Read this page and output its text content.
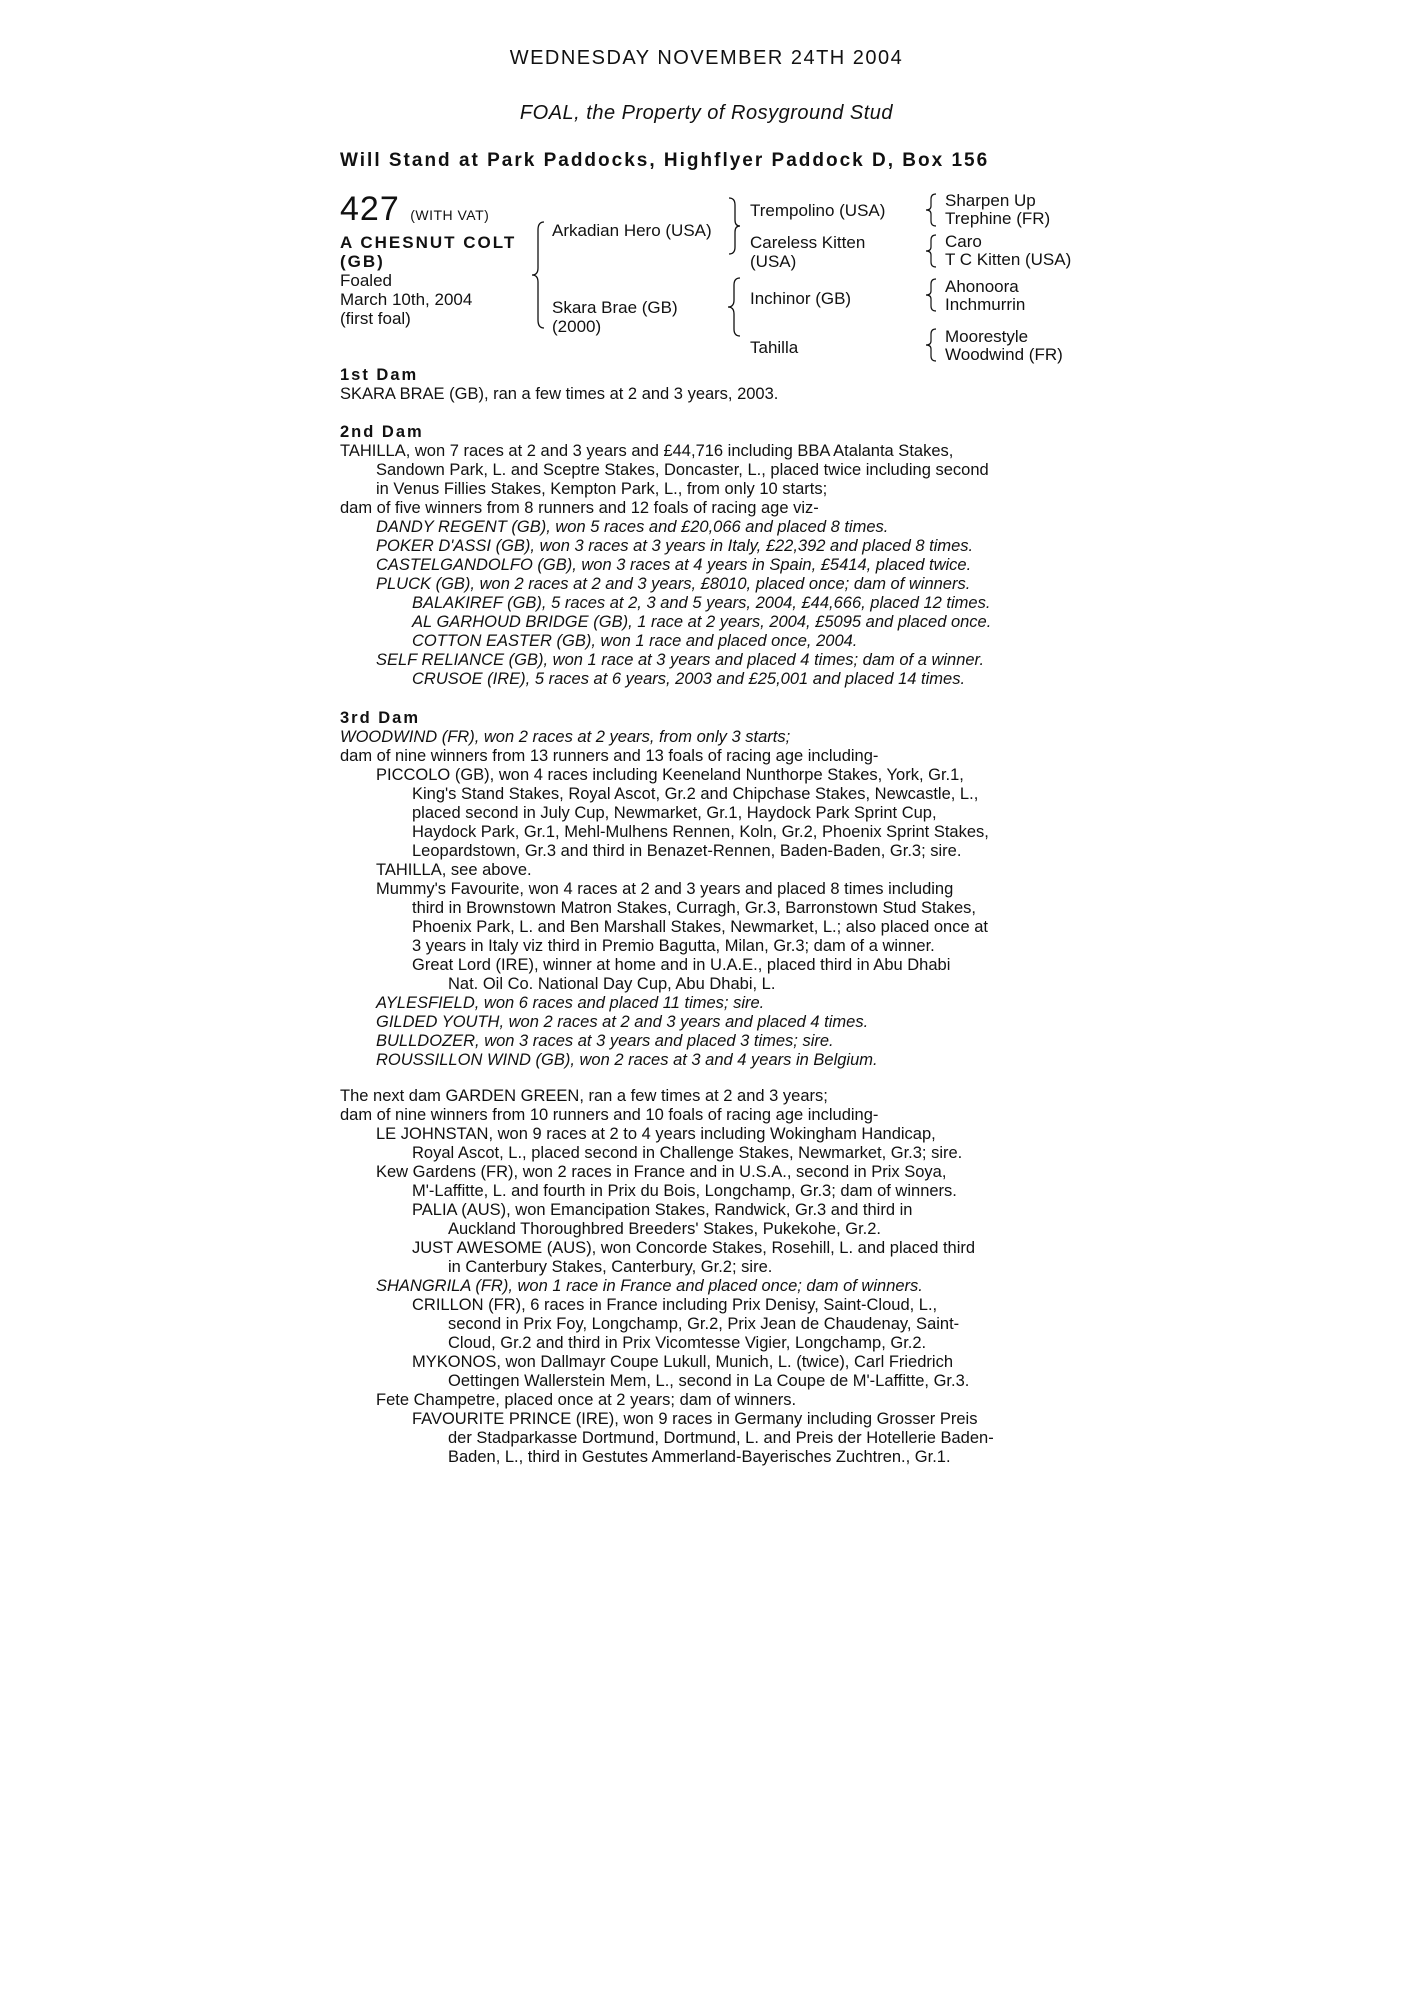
WEDNESDAY NOVEMBER 24TH 2004
FOAL, the Property of Rosyground Stud
Will Stand at Park Paddocks, Highflyer Paddock D, Box 156
427 (WITH VAT)
A CHESNUT COLT
(GB)
Foaled
March 10th, 2004
(first foal)
Arkadian Hero (USA)
Skara Brae (GB)
(2000)
Trempolino (USA)
Careless Kitten
(USA)
Inchinor (GB)
Tahilla
Sharpen Up
Trephine (FR)
Caro
T C Kitten (USA)
Ahonoora
Inchmurrin
Moorestyle
Woodwind (FR)
1st Dam
SKARA BRAE (GB), ran a few times at 2 and 3 years, 2003.
2nd Dam
TAHILLA, won 7 races at 2 and 3 years and £44,716 including BBA Atalanta Stakes,
Sandown Park, L. and Sceptre Stakes, Doncaster, L., placed twice including second
in Venus Fillies Stakes, Kempton Park, L., from only 10 starts;
dam of five winners from 8 runners and 12 foals of racing age viz-
DANDY REGENT (GB), won 5 races and £20,066 and placed 8 times.
POKER D'ASSI (GB), won 3 races at 3 years in Italy, £22,392 and placed 8 times.
CASTELGANDOLFO (GB), won 3 races at 4 years in Spain, £5414, placed twice.
PLUCK (GB), won 2 races at 2 and 3 years, £8010, placed once; dam of winners.
BALAKIREF (GB), 5 races at 2, 3 and 5 years, 2004, £44,666, placed 12 times.
AL GARHOUD BRIDGE (GB), 1 race at 2 years, 2004, £5095 and placed once.
COTTON EASTER (GB), won 1 race and placed once, 2004.
SELF RELIANCE (GB), won 1 race at 3 years and placed 4 times; dam of a winner.
CRUSOE (IRE), 5 races at 6 years, 2003 and £25,001 and placed 14 times.
3rd Dam
WOODWIND (FR), won 2 races at 2 years, from only 3 starts;
dam of nine winners from 13 runners and 13 foals of racing age including-
PICCOLO (GB), won 4 races including Keeneland Nunthorpe Stakes, York, Gr.1,
King's Stand Stakes, Royal Ascot, Gr.2 and Chipchase Stakes, Newcastle, L.,
placed second in July Cup, Newmarket, Gr.1, Haydock Park Sprint Cup,
Haydock Park, Gr.1, Mehl-Mulhens Rennen, Koln, Gr.2, Phoenix Sprint Stakes,
Leopardstown, Gr.3 and third in Benazet-Rennen, Baden-Baden, Gr.3; sire.
TAHILLA, see above.
Mummy's Favourite, won 4 races at 2 and 3 years and placed 8 times including
third in Brownstown Matron Stakes, Curragh, Gr.3, Barronstown Stud Stakes,
Phoenix Park, L. and Ben Marshall Stakes, Newmarket, L.; also placed once at
3 years in Italy viz third in Premio Bagutta, Milan, Gr.3; dam of a winner.
Great Lord (IRE), winner at home and in U.A.E., placed third in Abu Dhabi
Nat. Oil Co. National Day Cup, Abu Dhabi, L.
AYLESFIELD, won 6 races and placed 11 times; sire.
GILDED YOUTH, won 2 races at 2 and 3 years and placed 4 times.
BULLDOZER, won 3 races at 3 years and placed 3 times; sire.
ROUSSILLON WIND (GB), won 2 races at 3 and 4 years in Belgium.
The next dam GARDEN GREEN, ran a few times at 2 and 3 years;
dam of nine winners from 10 runners and 10 foals of racing age including-
LE JOHNSTAN, won 9 races at 2 to 4 years including Wokingham Handicap,
Royal Ascot, L., placed second in Challenge Stakes, Newmarket, Gr.3; sire.
Kew Gardens (FR), won 2 races in France and in U.S.A., second in Prix Soya,
M'-Laffitte, L. and fourth in Prix du Bois, Longchamp, Gr.3; dam of winners.
PALIA (AUS), won Emancipation Stakes, Randwick, Gr.3 and third in
Auckland Thoroughbred Breeders' Stakes, Pukekohe, Gr.2.
JUST AWESOME (AUS), won Concorde Stakes, Rosehill, L. and placed third
in Canterbury Stakes, Canterbury, Gr.2; sire.
SHANGRILA (FR), won 1 race in France and placed once; dam of winners.
CRILLON (FR), 6 races in France including Prix Denisy, Saint-Cloud, L.,
second in Prix Foy, Longchamp, Gr.2, Prix Jean de Chaudenay, Saint-
Cloud, Gr.2 and third in Prix Vicomtesse Vigier, Longchamp, Gr.2.
MYKONOS, won Dallmayr Coupe Lukull, Munich, L. (twice), Carl Friedrich
Oettingen Wallerstein Mem, L., second in La Coupe de M'-Laffitte, Gr.3.
Fete Champetre, placed once at 2 years; dam of winners.
FAVOURITE PRINCE (IRE), won 9 races in Germany including Grosser Preis
der Stadparkasse Dortmund, Dortmund, L. and Preis der Hotellerie Baden-
Baden, L., third in Gestutes Ammerland-Bayerisches Zuchtren., Gr.1.
